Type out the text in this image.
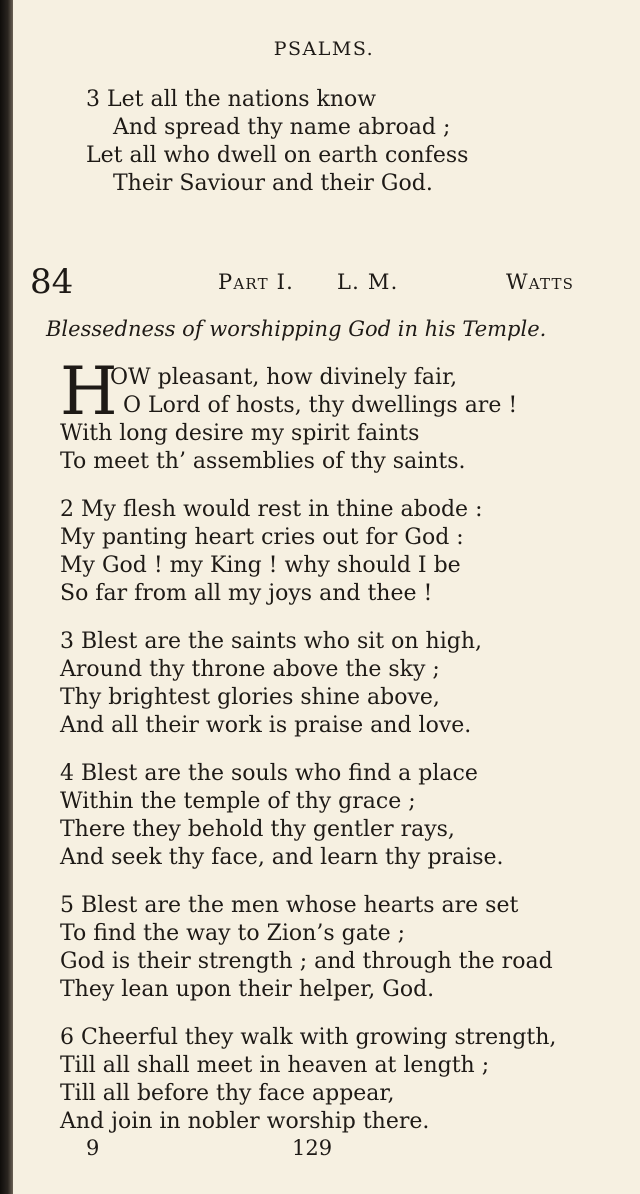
PSALMS.
3 Let all the nations know
And spread thy name abroad ;
Let all who dwell on earth confess
Their Saviour and their God.
84	Part I. L. M.	Watts
Blessedness of worshipping God in his Temple.
H
OW pleasant, how divinely fair,
O Lord of hosts, thy dwellings are !
With long desire my spirit faints
To meet th’ assemblies of thy saints.
2 My flesh would rest in thine abode :
My panting heart cries out for God :
My God ! my King ! why should I be
So far from all my joys and thee !
3 Blest are the saints who sit on high,
Around thy throne above the sky ;
Thy brightest glories shine above,
And all their work is praise and love.
4 Blest are the souls who find a place
Within the temple of thy grace ;
There they behold thy gentler rays,
And seek thy face, and learn thy praise.
5 Blest are the men whose hearts are set
To find the way to Zion’s gate ;
God is their strength ; and through the road
They lean upon their helper, God.
6 Cheerful they walk with growing strength,
Till all shall meet in heaven at length ;
Till all before thy face appear,
And join in nobler worship there.
9	129
